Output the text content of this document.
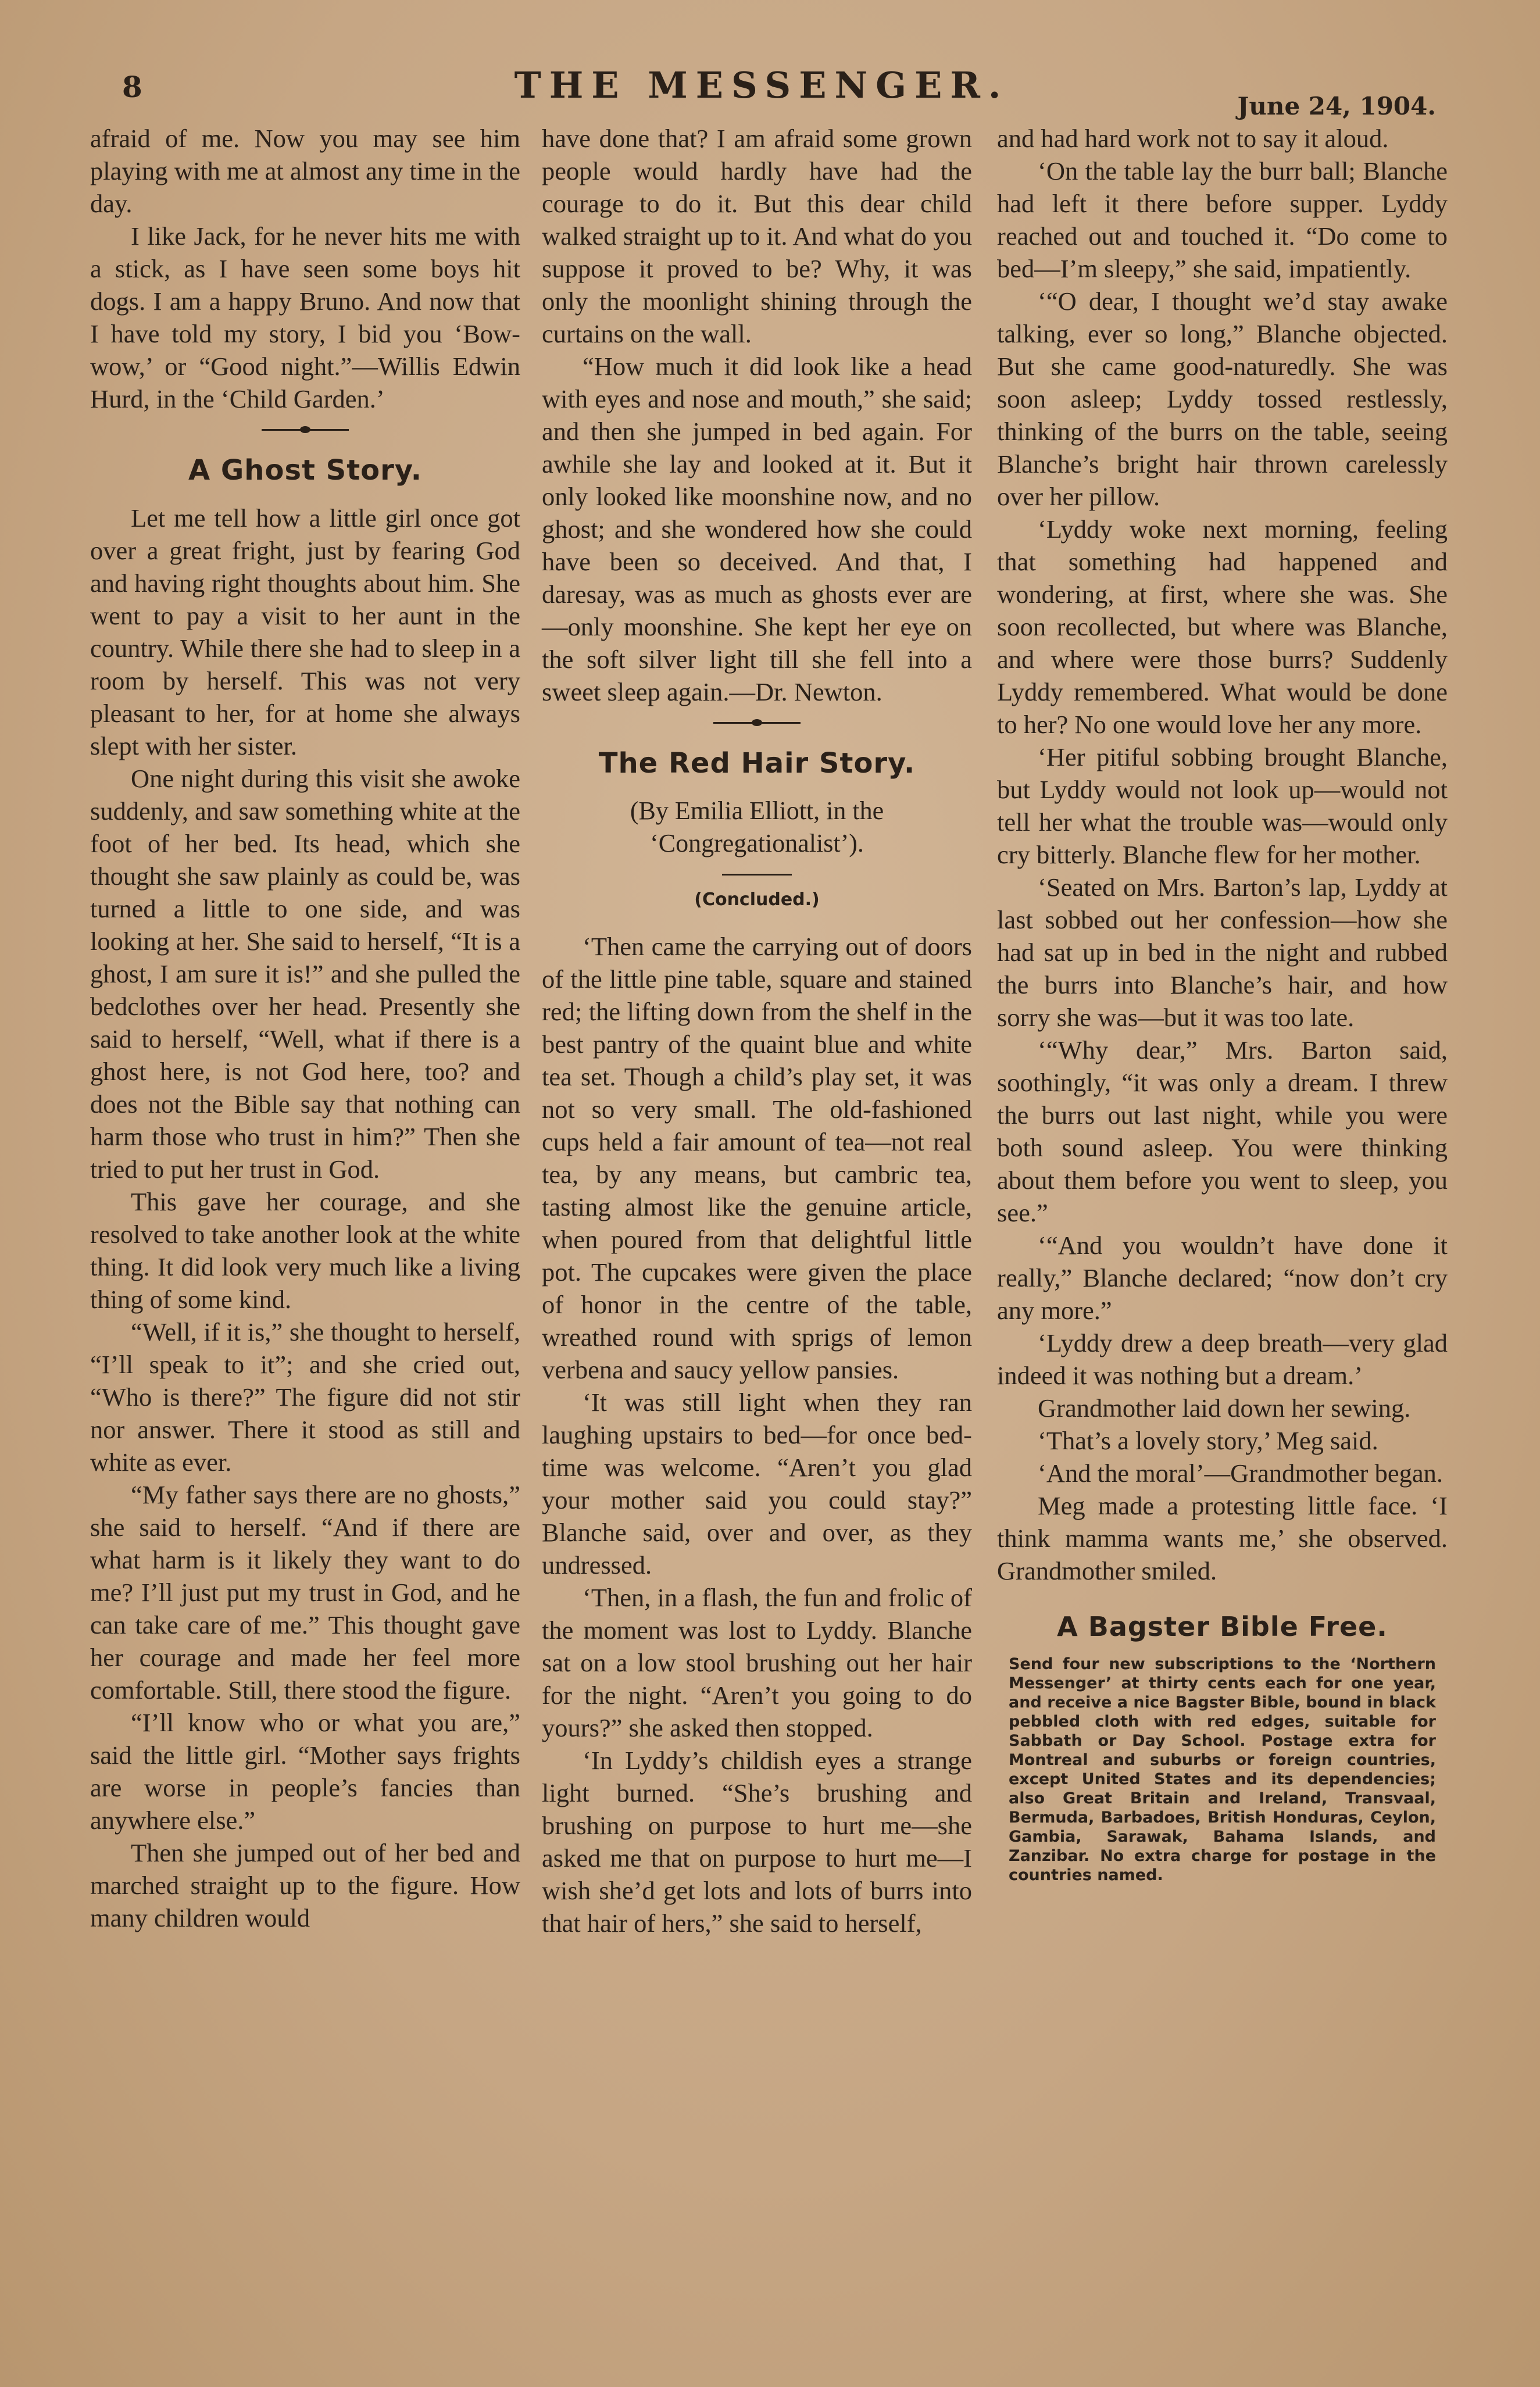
8	THE MESSENGER.	June 24, 1904.

afraid of me. Now you may see him playing with me at almost any time in the day.

I like Jack, for he never hits me with a stick, as I have seen some boys hit dogs. I am a happy Bruno. And now that I have told my story, I bid you ‘Bow-wow,’ or “Good night.”—Willis Edwin Hurd, in the ‘Child Garden.’

A Ghost Story.

Let me tell how a little girl once got over a great fright, just by fearing God and having right thoughts about him. She went to pay a visit to her aunt in the country. While there she had to sleep in a room by herself. This was not very pleasant to her, for at home she always slept with her sister.

One night during this visit she awoke suddenly, and saw something white at the foot of her bed. Its head, which she thought she saw plainly as could be, was turned a little to one side, and was looking at her. She said to herself, “It is a ghost, I am sure it is!” and she pulled the bedclothes over her head. Presently she said to herself, “Well, what if there is a ghost here, is not God here, too? and does not the Bible say that nothing can harm those who trust in him?” Then she tried to put her trust in God.

This gave her courage, and she resolved to take another look at the white thing. It did look very much like a living thing of some kind.

“Well, if it is,” she thought to herself, “I’ll speak to it”; and she cried out, “Who is there?” The figure did not stir nor answer. There it stood as still and white as ever.

“My father says there are no ghosts,” she said to herself. “And if there are what harm is it likely they want to do me? I’ll just put my trust in God, and he can take care of me.” This thought gave her courage and made her feel more comfortable. Still, there stood the figure.

“I’ll know who or what you are,” said the little girl. “Mother says frights are worse in people’s fancies than anywhere else.”

Then she jumped out of her bed and marched straight up to the figure. How many children would

have done that? I am afraid some grown people would hardly have had the courage to do it. But this dear child walked straight up to it. And what do you suppose it proved to be? Why, it was only the moonlight shining through the curtains on the wall.

“How much it did look like a head with eyes and nose and mouth,” she said; and then she jumped in bed again. For awhile she lay and looked at it. But it only looked like moonshine now, and no ghost; and she wondered how she could have been so deceived. And that, I daresay, was as much as ghosts ever are—only moonshine. She kept her eye on the soft silver light till she fell into a sweet sleep again.—Dr. Newton.

The Red Hair Story.
(By Emilia Elliott, in the ‘Congregationalist’).
(Concluded.)

‘Then came the carrying out of doors of the little pine table, square and stained red; the lifting down from the shelf in the best pantry of the quaint blue and white tea set. Though a child’s play set, it was not so very small. The old-fashioned cups held a fair amount of tea—not real tea, by any means, but cambric tea, tasting almost like the genuine article, when poured from that delightful little pot. The cupcakes were given the place of honor in the centre of the table, wreathed round with sprigs of lemon verbena and saucy yellow pansies.

‘It was still light when they ran laughing upstairs to bed—for once bed-time was welcome. “Aren’t you glad your mother said you could stay?” Blanche said, over and over, as they undressed.

‘Then, in a flash, the fun and frolic of the moment was lost to Lyddy. Blanche sat on a low stool brushing out her hair for the night. “Aren’t you going to do yours?” she asked then stopped.

‘In Lyddy’s childish eyes a strange light burned. “She’s brushing and brushing on purpose to hurt me—she asked me that on purpose to hurt me—I wish she’d get lots and lots of burrs into that hair of hers,” she said to herself,

and had hard work not to say it aloud.

‘On the table lay the burr ball; Blanche had left it there before supper. Lyddy reached out and touched it. “Do come to bed—I’m sleepy,” she said, impatiently.

‘“O dear, I thought we’d stay awake talking, ever so long,” Blanche objected. But she came good-naturedly. She was soon asleep; Lyddy tossed restlessly, thinking of the burrs on the table, seeing Blanche’s bright hair thrown carelessly over her pillow.

‘Lyddy woke next morning, feeling that something had happened and wondering, at first, where she was. She soon recollected, but where was Blanche, and where were those burrs? Suddenly Lyddy remembered. What would be done to her? No one would love her any more.

‘Her pitiful sobbing brought Blanche, but Lyddy would not look up—would not tell her what the trouble was—would only cry bitterly. Blanche flew for her mother.

‘Seated on Mrs. Barton’s lap, Lyddy at last sobbed out her confession—how she had sat up in bed in the night and rubbed the burrs into Blanche’s hair, and how sorry she was—but it was too late.

‘“Why dear,” Mrs. Barton said, soothingly, “it was only a dream. I threw the burrs out last night, while you were both sound asleep. You were thinking about them before you went to sleep, you see.”

‘“And you wouldn’t have done it really,” Blanche declared; “now don’t cry any more.”

‘Lyddy drew a deep breath—very glad indeed it was nothing but a dream.’

Grandmother laid down her sewing.

‘That’s a lovely story,’ Meg said.

‘And the moral’—Grandmother began.

Meg made a protesting little face. ‘I think mamma wants me,’ she observed. Grandmother smiled.

A Bagster Bible Free.
Send four new subscriptions to the ‘Northern Messenger’ at thirty cents each for one year, and receive a nice Bagster Bible, bound in black pebbled cloth with red edges, suitable for Sabbath or Day School. Postage extra for Montreal and suburbs or foreign countries, except United States and its dependencies; also Great Britain and Ireland, Transvaal, Bermuda, Barbadoes, British Honduras, Ceylon, Gambia, Sarawak, Bahama Islands, and Zanzibar. No extra charge for postage in the countries named.
